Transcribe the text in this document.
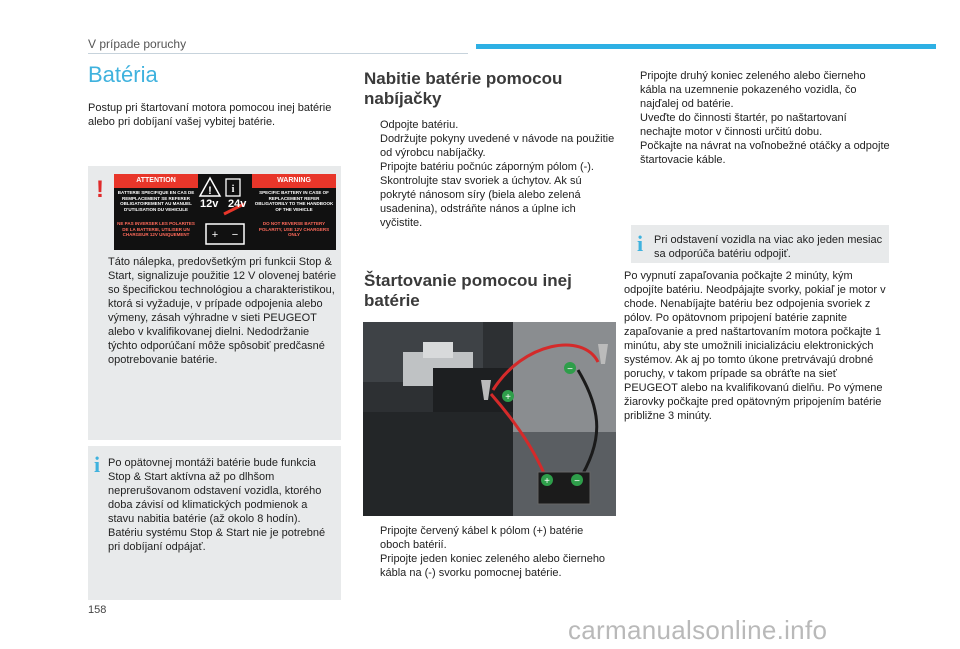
V prípade poruchy
Batéria
Postup pri štartovaní motora pomocou inej batérie alebo pri dobíjaní vašej vybitej batérie.
!	ATTENTION	WARNING
BATTERIE SPECIFIQUE EN CAS DE REMPLACEMENT SE REFERER OBLIGATOIREMENT AU MANUEL D'UTILISATION DU VEHICULE
NE PAS INVERSER LES POLARITES DE LA BATTERIE, UTILISER UN CHARGEUR 12V UNIQUEMENT
SPECIFIC BATTERY IN CASE OF REPLACEMENT REFER OBLIGATORILY TO THE HANDBOOK OF THE VEHICLE
DO NOT REVERSE BATTERY POLARITY, USE 12V CHARGERS ONLY
! i
+ −
12v 24v
Táto nálepka, predovšetkým pri funkcii Stop & Start, signalizuje použitie 12 V olovenej batérie so špecifickou technológiou a charakteristikou, ktorá si vyžaduje, v prípade odpojenia alebo výmeny, zásah výhradne v sieti PEUGEOT alebo v kvalifikovanej dielni. Nedodržanie týchto odporúčaní môže spôsobiť predčasné opotrebovanie batérie.
i Po opätovnej montáži batérie bude funkcia Stop & Start aktívna až po dlhšom neprerušovanom odstavení vozidla, ktorého doba závisí od klimatických podmienok a stavu nabitia batérie (až okolo 8 hodín). Batériu systému Stop & Start nie je potrebné pri dobíjaní odpájať.
Nabitie batérie pomocou nabíjačky
Odpojte batériu.
Dodržujte pokyny uvedené v návode na použitie od výrobcu nabíjačky.
Pripojte batériu počnúc záporným pólom (-).
Skontrolujte stav svoriek a úchytov. Ak sú pokryté nánosom síry (biela alebo zelená usadenina), odstráňte nános a úplne ich vyčistite.
Štartovanie pomocou inej batérie
+
−
+ −
Pripojte červený kábel k pólom (+) batérie oboch batérií.
Pripojte jeden koniec zeleného alebo čierneho kábla na (-) svorku pomocnej batérie.
Pripojte druhý koniec zeleného alebo čierneho kábla na uzemnenie pokazeného vozidla, čo najďalej od batérie.
Uveďte do činnosti štartér, po naštartovaní nechajte motor v činnosti určitú dobu.
Počkajte na návrat na voľnobežné otáčky a odpojte štartovacie káble.
i Pri odstavení vozidla na viac ako jeden mesiac sa odporúča batériu odpojiť.
Po vypnutí zapaľovania počkajte 2 minúty, kým odpojíte batériu. Neodpájajte svorky, pokiaľ je motor v chode. Nenabíjajte batériu bez odpojenia svoriek z pólov. Po opätovnom pripojení batérie zapnite zapaľovanie a pred naštartovaním motora počkajte 1 minútu, aby ste umožnili inicializáciu elektronických systémov. Ak aj po tomto úkone pretrvávajú drobné poruchy, v takom prípade sa obráťte na sieť PEUGEOT alebo na kvalifikovanú dielňu. Po výmene žiarovky počkajte pred opätovným pripojením batérie približne 3 minúty.
158
carmanualsonline.info
